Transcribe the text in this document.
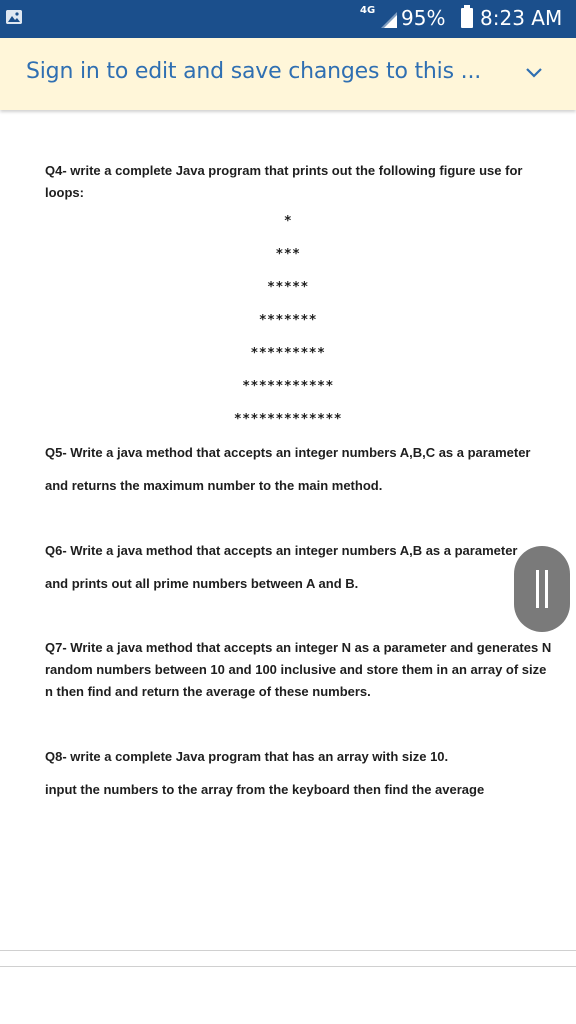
4G 95% 8:23 AM
Sign in to edit and save changes to this ...

Q4- write a complete Java program that prints out the following figure use for loops:

*

***

*****

*******

*********

***********

*************

Q5- Write a java method that accepts an integer numbers A,B,C as a parameter

and returns the maximum number to the main method.

Q6- Write a java method that accepts an integer numbers A,B as a parameter

and prints out all prime numbers between A and B.

Q7- Write a java method that accepts an integer N as a parameter and generates N random numbers between 10 and 100 inclusive and store them in an array of size n then find and return the average of these numbers.

Q8- write a complete Java program that has an array with size 10.

input the numbers to the array from the keyboard then find the average
